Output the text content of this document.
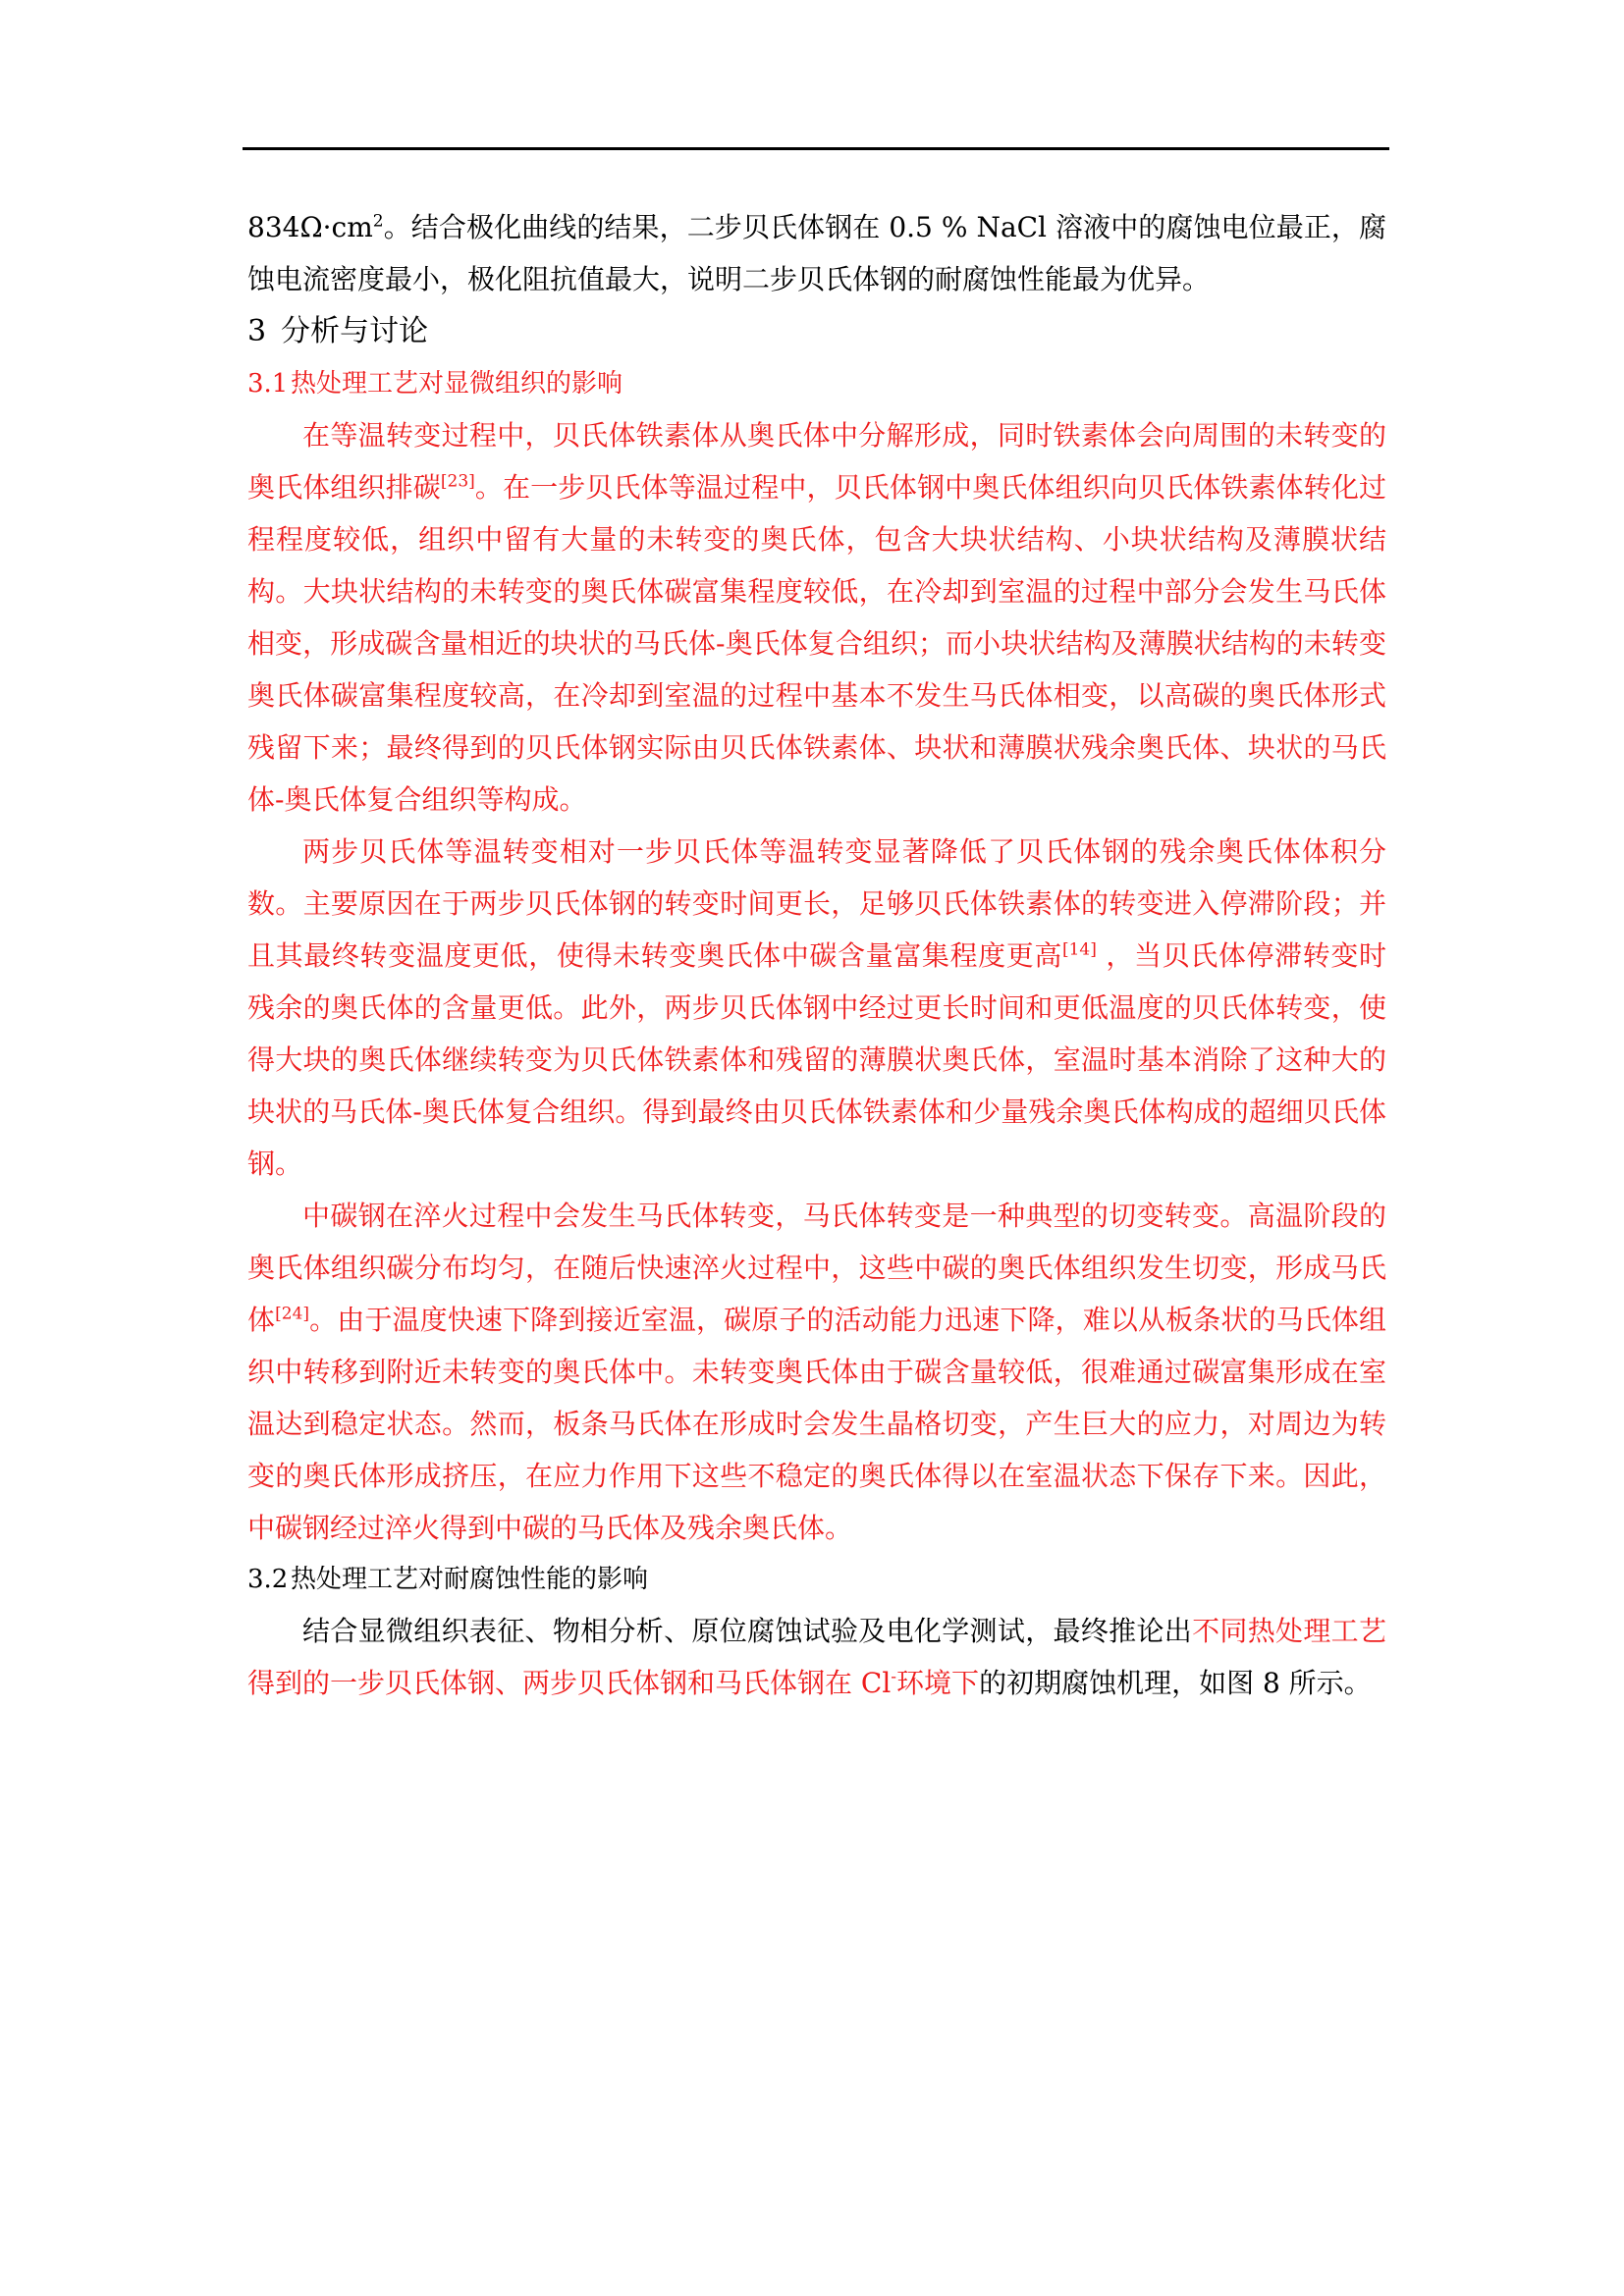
$834\Omega\cdot cm^2$。结合极化曲线的结果，二步贝氏体钢在 0.5 % NaCl 溶液中的腐蚀电位最正，腐蚀电流密度最小，极化阻抗值最大，说明二步贝氏体钢的耐腐蚀性能最为优异。

3 分析与讨论
3.1 热处理工艺对显微组织的影响

在等温转变过程中，贝氏体铁素体从奥氏体中分解形成，同时铁素体会向周围的未转变的奥氏体组织排碳[23]。在一步贝氏体等温过程中，贝氏体钢中奥氏体组织向贝氏体铁素体转化过程程度较低，组织中留有大量的未转变的奥氏体，包含大块状结构、小块状结构及薄膜状结构。大块状结构的未转变的奥氏体碳富集程度较低，在冷却到室温的过程中部分会发生马氏体相变，形成碳含量相近的块状的马氏体-奥氏体复合组织；而小块状结构及薄膜状结构的未转变奥氏体碳富集程度较高，在冷却到室温的过程中基本不发生马氏体相变，以高碳的奥氏体形式残留下来；最终得到的贝氏体钢实际由贝氏体铁素体、块状和薄膜状残余奥氏体、块状的马氏体-奥氏体复合组织等构成。

两步贝氏体等温转变相对一步贝氏体等温转变显著降低了贝氏体钢的残余奥氏体体积分数。主要原因在于两步贝氏体钢的转变时间更长，足够贝氏体铁素体的转变进入停滞阶段；并且其最终转变温度更低，使得未转变奥氏体中碳含量富集程度更高[14] ，当贝氏体停滞转变时残余的奥氏体的含量更低。此外，两步贝氏体钢中经过更长时间和更低温度的贝氏体转变，使得大块的奥氏体继续转变为贝氏体铁素体和残留的薄膜状奥氏体，室温时基本消除了这种大的块状的马氏体-奥氏体复合组织。得到最终由贝氏体铁素体和少量残余奥氏体构成的超细贝氏体钢。

中碳钢在淬火过程中会发生马氏体转变，马氏体转变是一种典型的切变转变。高温阶段的奥氏体组织碳分布均匀，在随后快速淬火过程中，这些中碳的奥氏体组织发生切变，形成马氏体[24]。由于温度快速下降到接近室温，碳原子的活动能力迅速下降，难以从板条状的马氏体组织中转移到附近未转变的奥氏体中。未转变奥氏体由于碳含量较低，很难通过碳富集形成在室温达到稳定状态。然而，板条马氏体在形成时会发生晶格切变，产生巨大的应力，对周边为转变的奥氏体形成挤压，在应力作用下这些不稳定的奥氏体得以在室温状态下保存下来。因此，中碳钢经过淬火得到中碳的马氏体及残余奥氏体。

3.2 热处理工艺对耐腐蚀性能的影响

结合显微组织表征、物相分析、原位腐蚀试验及电化学测试，最终推论出不同热处理工艺得到的一步贝氏体钢、两步贝氏体钢和马氏体钢在 Cl-环境下的初期腐蚀机理，如图 8 所示。
